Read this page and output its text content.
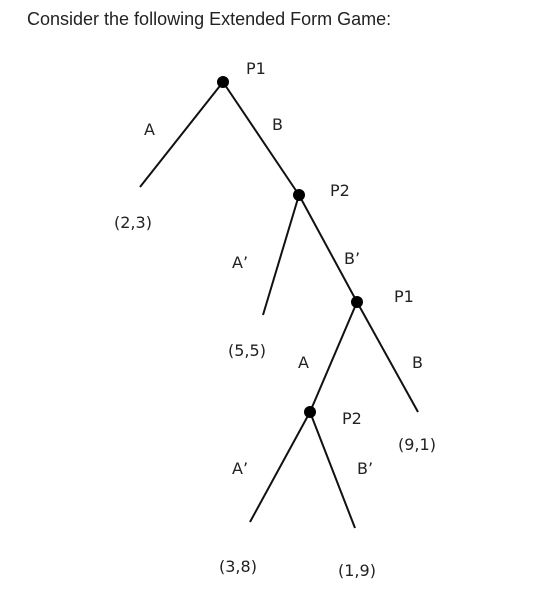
Consider the following Extended Form Game:
P1
P2
P1
P2
A	B
A’	B’
A	B
A’	B’
(2,3)
(5,5)
(9,1)
(3,8)	(1,9)
